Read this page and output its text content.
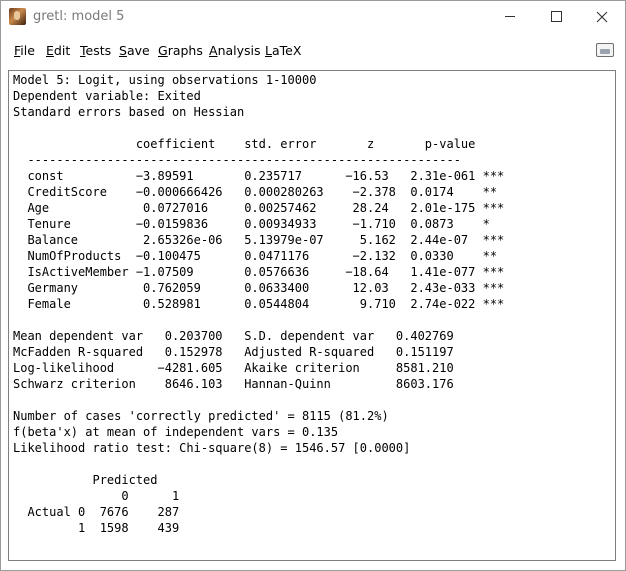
gretl: model 5
File Edit Tests Save Graphs Analysis LaTeX
Model 5: Logit, using observations 1-10000
Dependent variable: Exited
Standard errors based on Hessian
coefficient    std. error       z       p-value
------------------------------------------------------------
const          −3.89591       0.235717      −16.53   2.31e-061 ***
CreditScore    −0.000666426   0.000280263    −2.378  0.0174    **
Age             0.0727016     0.00257462     28.24   2.01e-175 ***
Tenure         −0.0159836     0.00934933     −1.710  0.0873    *
Balance         2.65326e-06   5.13979e-07     5.162  2.44e-07  ***
NumOfProducts  −0.100475      0.0471176      −2.132  0.0330    **
IsActiveMember −1.07509       0.0576636     −18.64   1.41e-077 ***
Germany         0.762059      0.0633400      12.03   2.43e-033 ***
Female          0.528981      0.0544804       9.710  2.74e-022 ***
Mean dependent var   0.203700   S.D. dependent var   0.402769
McFadden R-squared   0.152978   Adjusted R-squared   0.151197
Log-likelihood      −4281.605   Akaike criterion     8581.210
Schwarz criterion    8646.103   Hannan-Quinn         8603.176
Number of cases 'correctly predicted' = 8115 (81.2%)
f(beta'x) at mean of independent vars = 0.135
Likelihood ratio test: Chi-square(8) = 1546.57 [0.0000]
Predicted
0      1
Actual 0  7676    287
1  1598    439
